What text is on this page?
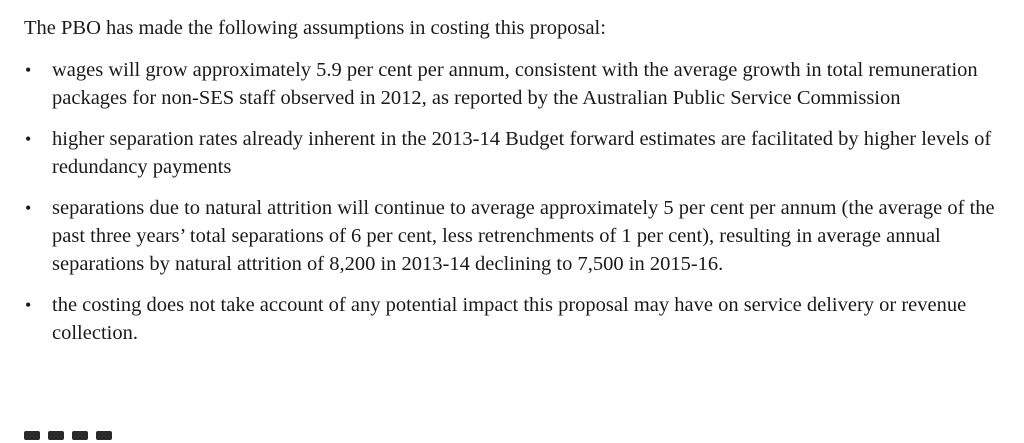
The PBO has made the following assumptions in costing this proposal:

• wages will grow approximately 5.9 per cent per annum, consistent with the average growth in total remuneration packages for non-SES staff observed in 2012, as reported by the Australian Public Service Commission
• higher separation rates already inherent in the 2013-14 Budget forward estimates are facilitated by higher levels of redundancy payments
• separations due to natural attrition will continue to average approximately 5 per cent per annum (the average of the past three years’ total separations of 6 per cent, less retrenchments of 1 per cent), resulting in average annual separations by natural attrition of 8,200 in 2013-14 declining to 7,500 in 2015-16.
• the costing does not take account of any potential impact this proposal may have on service delivery or revenue collection.
